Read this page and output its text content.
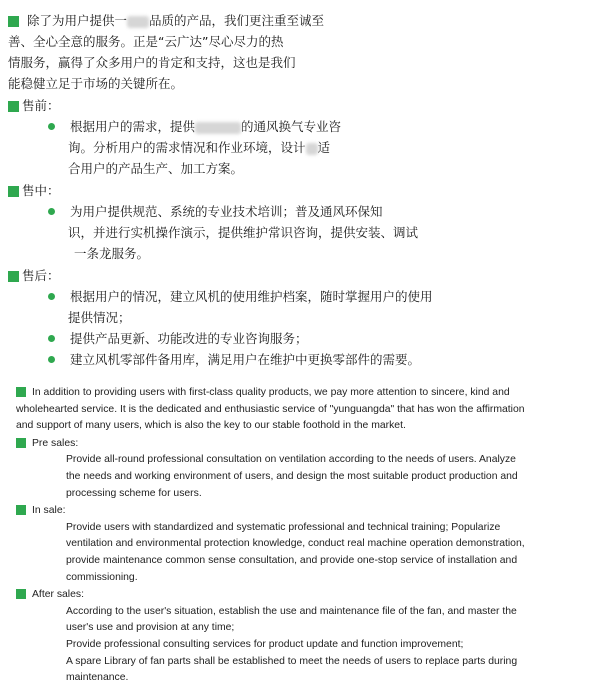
除了为用户提供一 品质的产品，我们更注重至诚至

善、全心全意的服务。正是“云广达”尽心尽力的热

情服务，赢得了众多用户的肯定和支持，这也是我们

能稳健立足于市场的关键所在。

售前：

根据用户的需求，提供	的通风换气专业咨

询。分析用户的需求情况和作业环境，设计 适

合用户的产品生产、加工方案。

售中：

为用户提供规范、系统的专业技术培训；普及通风环保知

识，并进行实机操作演示，提供维护常识咨询，提供安装、调试

一条龙服务。

售后：

根据用户的情况，建立风机的使用维护档案，随时掌握用户的使用

提供情况；

提供产品更新、功能改进的专业咨询服务；

建立风机零部件备用库，满足用户在维护中更换零部件的需要。

In addition to providing users with first-class quality products, we pay more attention to sincere, kind and

wholehearted service. It is the dedicated and enthusiastic service of "yunguangda" that has won the affirmation

and support of many users, which is also the key to our stable foothold in the market.

Pre sales:

Provide all-round professional consultation on ventilation according to the needs of users. Analyze

the needs and working environment of users, and design the most suitable product production and

processing scheme for users.

In sale:

Provide users with standardized and systematic professional and technical training; Popularize

ventilation and environmental protection knowledge, conduct real machine operation demonstration,

provide maintenance common sense consultation, and provide one-stop service of installation and

commissioning.

After sales:

According to the user's situation, establish the use and maintenance file of the fan, and master the

user's use and provision at any time;

Provide professional consulting services for product update and function improvement;

A spare Library of fan parts shall be established to meet the needs of users to replace parts during

maintenance.
